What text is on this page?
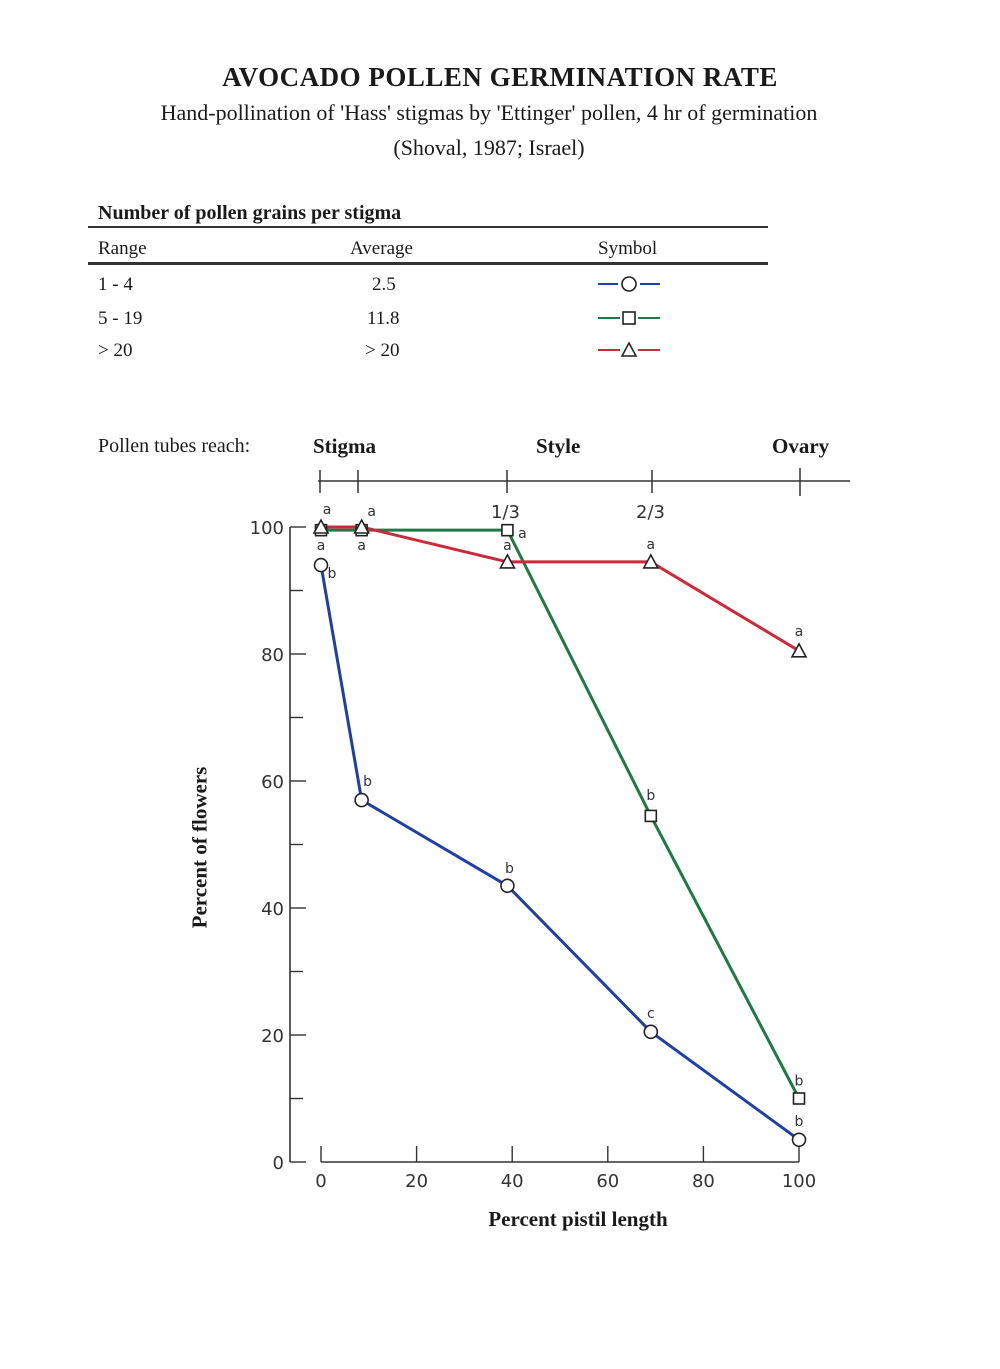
AVOCADO POLLEN GERMINATION RATE
Hand-pollination of 'Hass' stigmas by 'Ettinger' pollen, 4 hr of germination
(Shoval, 1987; Israel)
Number of pollen grains per stigma
Range	Average	Symbol
1 - 4	2.5
5 - 19	11.8
> 20	> 20
Pollen tubes reach:	Stigma	Style	Ovary
Percent of flowers
Percent pistil length
1/3	2/3
0
20
40
60
80
100
0	20	40	60	80	100
b
b
b
c
b
a a
a
b
b
a	a
a	a
a
